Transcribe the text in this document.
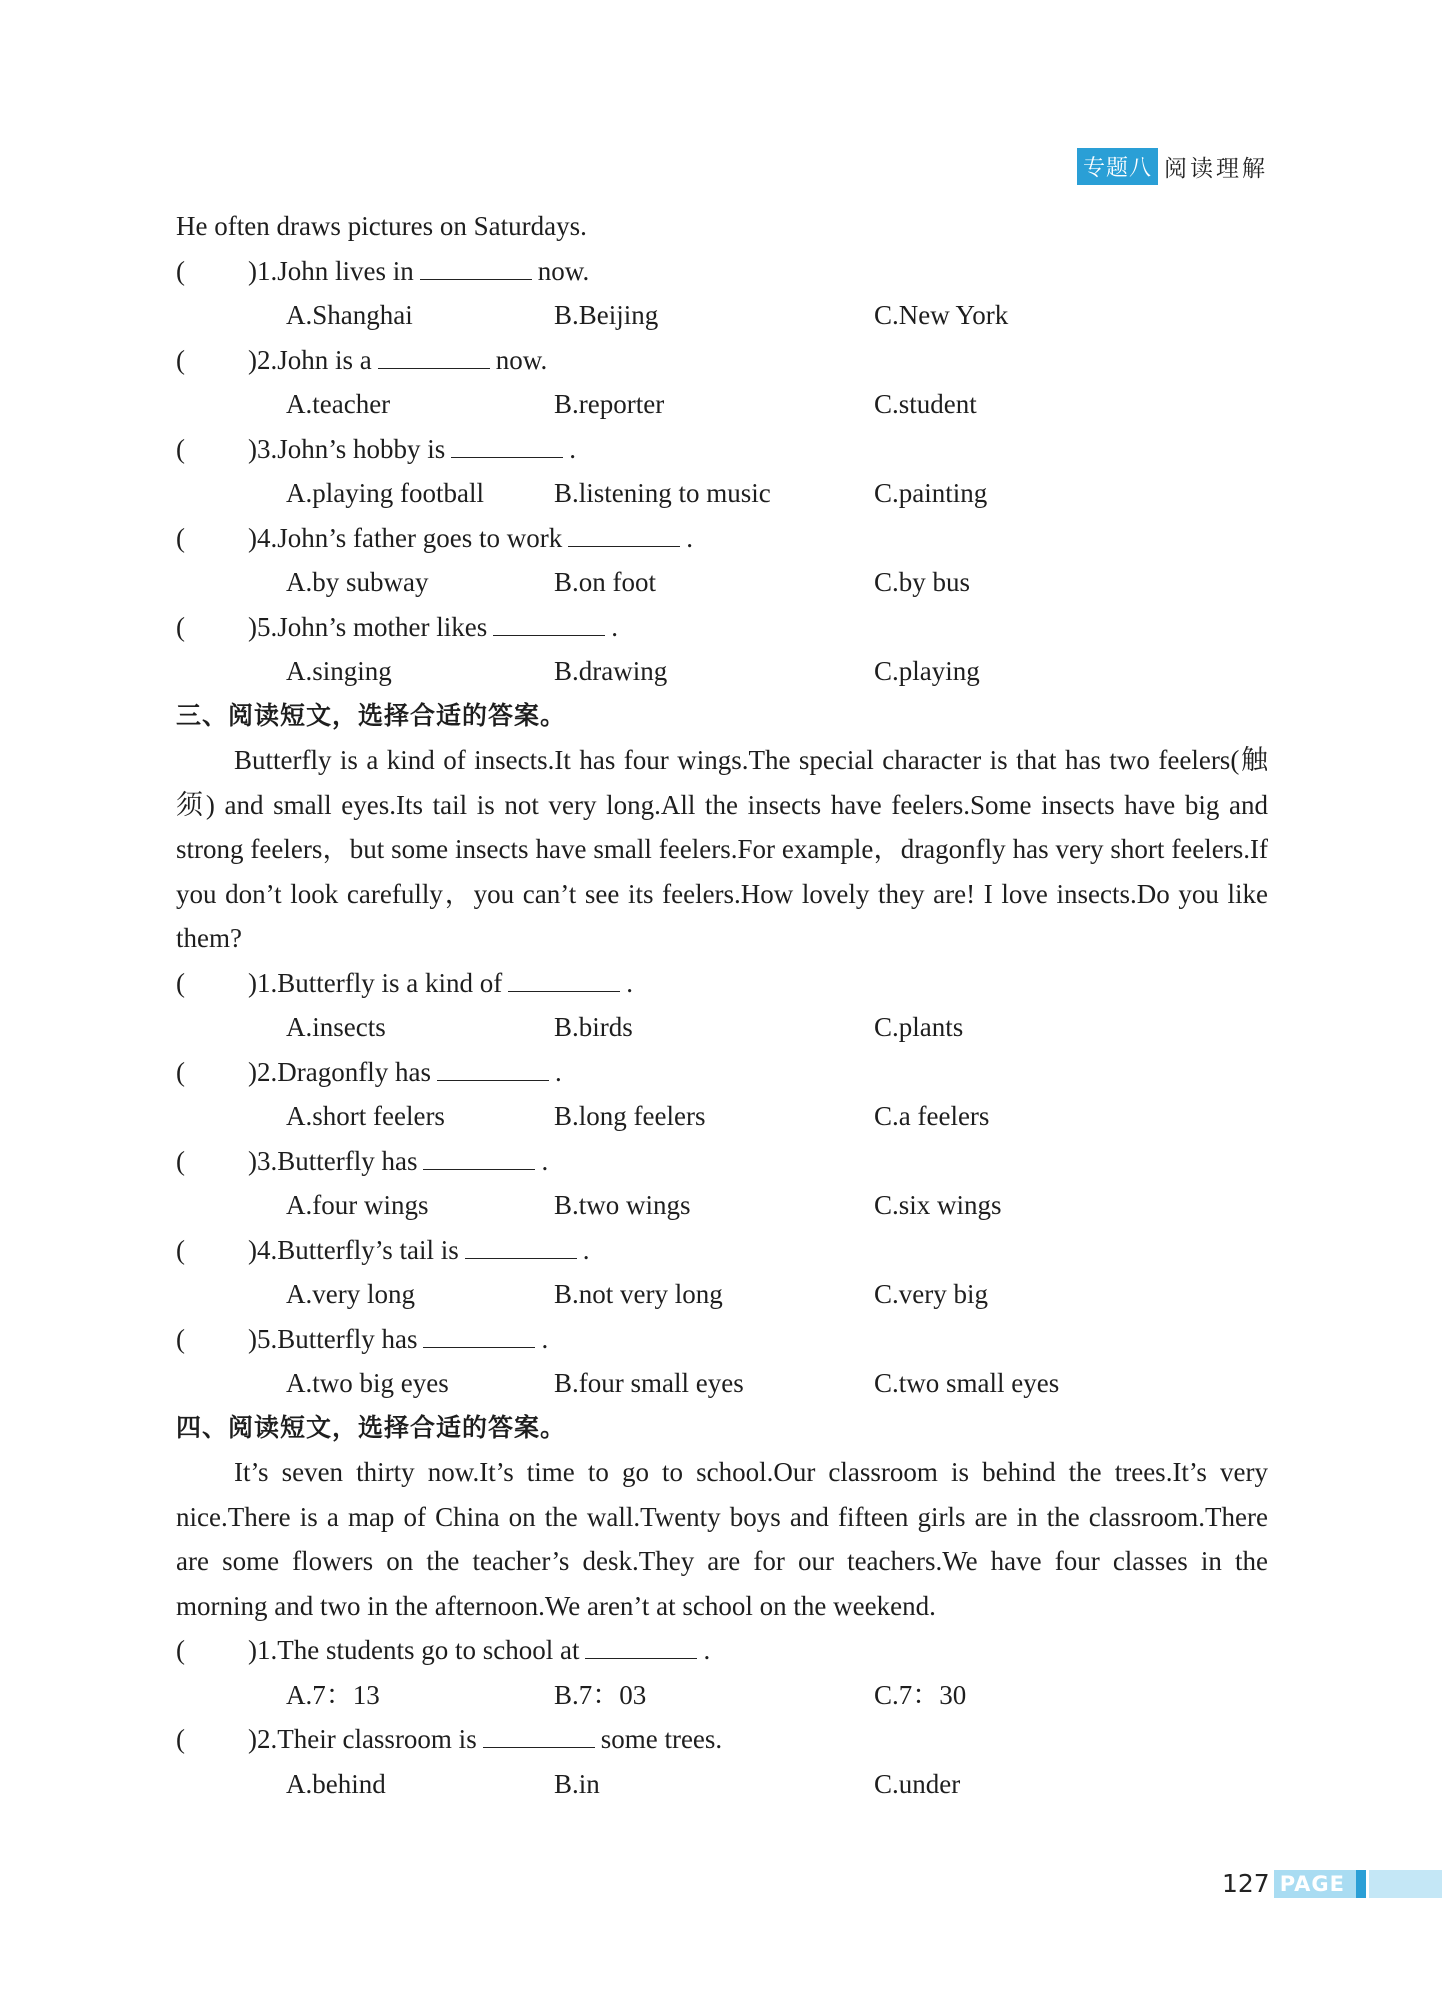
专题八 阅读理解
He often draws pictures on Saturdays.
( )1.John lives in	now.
A.Shanghai	B.Beijing	C.New York
( )2.John is a	now.
A.teacher	B.reporter	C.student
( )3.John’s hobby is	.
A.playing football	B.listening to music	C.painting
( )4.John’s father goes to work	.
A.by subway	B.on foot	C.by bus
( )5.John’s mother likes	.
A.singing	B.drawing	C.playing
三、阅读短文，选择合适的答案。

Butterfly is a kind of insects.It has four wings.The special character is that has two feelers(触须) and small eyes.Its tail is not very long.All the insects have feelers.Some insects have big and strong feelers，but some insects have small feelers.For example，dragonfly has very short feelers.If you don’t look carefully，you can’t see its feelers.How lovely they are! I love insects.Do you like them?

( )1.Butterfly is a kind of	.
A.insects	B.birds	C.plants
( )2.Dragonfly has	.
A.short feelers	B.long feelers	C.a feelers
( )3.Butterfly has	.
A.four wings	B.two wings	C.six wings
( )4.Butterfly’s tail is	.
A.very long	B.not very long	C.very big
( )5.Butterfly has	.
A.two big eyes	B.four small eyes	C.two small eyes
四、阅读短文，选择合适的答案。

It’s seven thirty now.It’s time to go to school.Our classroom is behind the trees.It’s very nice.There is a map of China on the wall.Twenty boys and fifteen girls are in the classroom.There are some flowers on the teacher’s desk.They are for our teachers.We have four classes in the morning and two in the afternoon.We aren’t at school on the weekend.

( )1.The students go to school at	.
A.7：13	B.7：03	C.7：30
( )2.Their classroom is	some trees.
A.behind	B.in	C.under
127 PAGE
